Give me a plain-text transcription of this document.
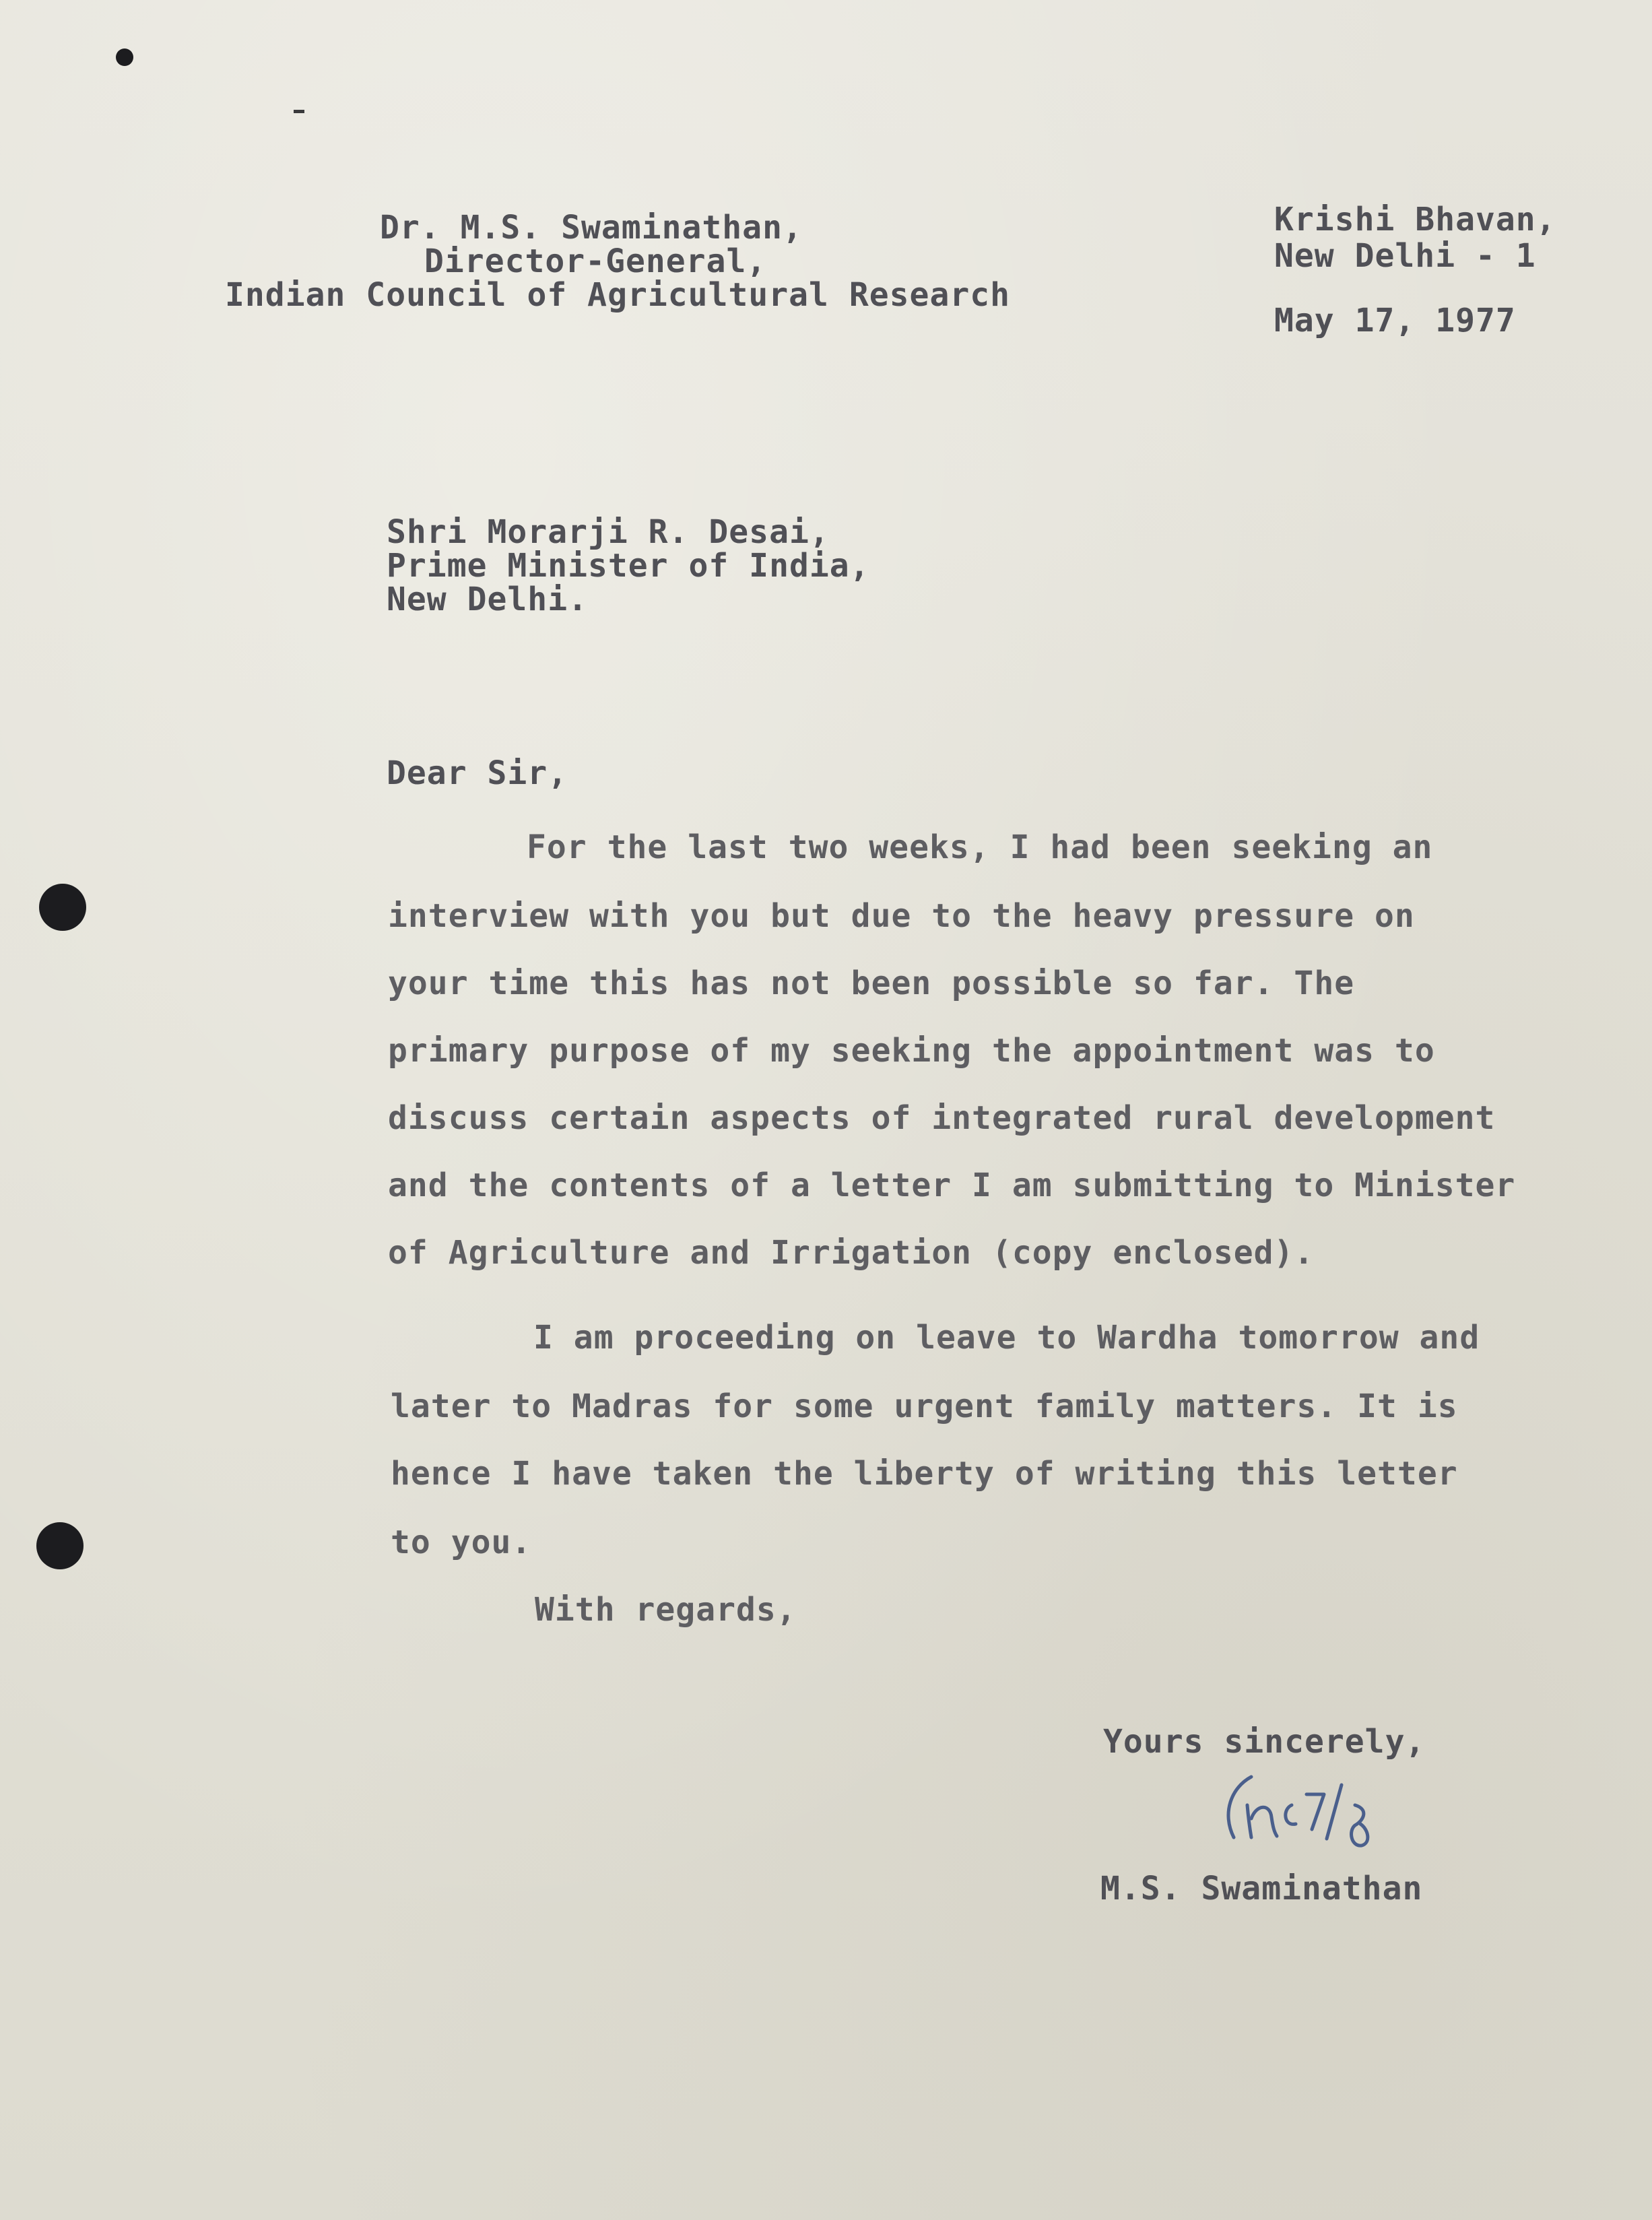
Dr. M.S. Swaminathan,
Director-General,
Indian Council of Agricultural Research
Krishi Bhavan,
New Delhi - 1
May 17, 1977
Shri Morarji R. Desai,
Prime Minister of India,
New Delhi.
Dear Sir,
For the last two weeks, I had been seeking an
interview with you but due to the heavy pressure on
your time this has not been possible so far. The
primary purpose of my seeking the appointment was to
discuss certain aspects of integrated rural development
and the contents of a letter I am submitting to Minister
of Agriculture and Irrigation (copy enclosed).
I am proceeding on leave to Wardha tomorrow and
later to Madras for some urgent family matters. It is
hence I have taken the liberty of writing this letter
to you.
With regards,
Yours sincerely,
M.S. Swaminathan
